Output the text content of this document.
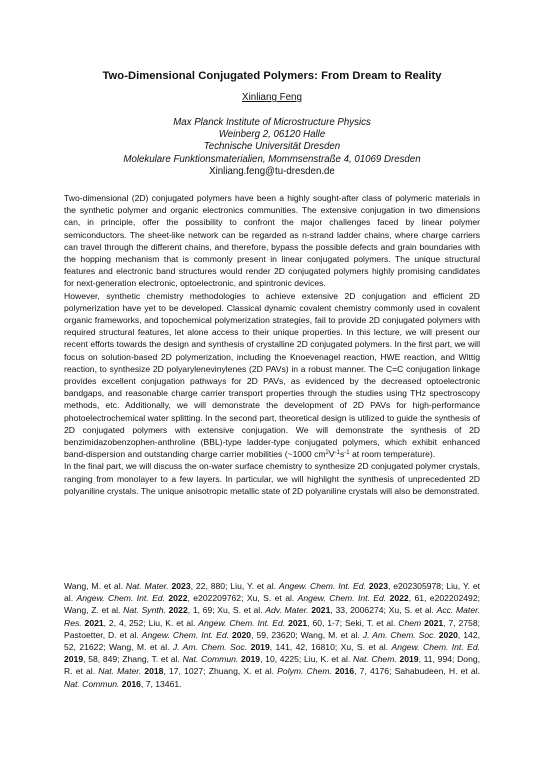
Two-Dimensional Conjugated Polymers: From Dream to Reality
Xinliang Feng
Max Planck Institute of Microstructure Physics
Weinberg 2, 06120 Halle
Technische Universität Dresden
Molekulare Funktionsmaterialien, Mommsenstraße 4, 01069 Dresden
Xinliang.feng@tu-dresden.de

Two-dimensional (2D) conjugated polymers have been a highly sought-after class of polymeric materials in the synthetic polymer and organic electronics communities. The extensive conjugation in two dimensions can, in principle, offer the possibility to confront the major challenges faced by linear polymer semiconductors. The sheet-like network can be regarded as n-strand ladder chains, where charge carriers can travel through the different chains, and therefore, bypass the possible defects and grain boundaries with the hopping mechanism that is commonly present in linear conjugated polymers. The unique structural features and electronic band structures would render 2D conjugated polymers highly promising candidates for next-generation electronic, optoelectronic, and spintronic devices.

However, synthetic chemistry methodologies to achieve extensive 2D conjugation and efficient 2D polymerization have yet to be developed. Classical dynamic covalent chemistry commonly used in covalent organic frameworks, and topochemical polymerization strategies, fail to provide 2D conjugated polymers with required structural features, let alone access to their unique properties. In this lecture, we will present our recent efforts towards the design and synthesis of crystalline 2D conjugated polymers. In the first part, we will focus on solution-based 2D polymerization, including the Knoevenagel reaction, HWE reaction, and Wittig reaction, to synthesize 2D polyarylenevinylenes (2D PAVs) in a robust manner. The C=C conjugation linkage provides excellent conjugation pathways for 2D PAVs, as evidenced by the decreased optoelectronic bandgaps, and reasonable charge carrier transport properties through the studies using THz spectroscopy methods, etc. Additionally, we will demonstrate the development of 2D PAVs for high-performance photoelectrochemical water splitting. In the second part, theoretical design is utilized to guide the synthesis of 2D conjugated polymers with extensive conjugation. We will demonstrate the synthesis of 2D benzimidazobenzophen-anthroline (BBL)-type ladder-type conjugated polymers, which exhibit enhanced band-dispersion and outstanding charge carrier mobilities (~1000 $cm^2V^{-1}s^{-1}$ at room temperature).

In the final part, we will discuss the on-water surface chemistry to synthesize 2D conjugated polymer crystals, ranging from monolayer to a few layers. In particular, we will highlight the synthesis of unprecedented 2D polyaniline crystals. The unique anisotropic metallic state of 2D polyaniline crystals will also be demonstrated.

Wang, M. et al. Nat. Mater. 2023, 22, 880; Liu, Y. et al. Angew. Chem. Int. Ed. 2023, e202305978; Liu, Y. et al. Angew. Chem. Int. Ed. 2022, e202209762; Xu, S. et al. Angew. Chem. Int. Ed. 2022, 61, e202202492; Wang, Z. et al. Nat. Synth. 2022, 1, 69; Xu, S. et al. Adv. Mater. 2021, 33, 2006274; Xu, S. et al. Acc. Mater. Res. 2021, 2, 4, 252; Liu, K. et al. Angew. Chem. Int. Ed. 2021, 60, 1-7; Seki, T. et al. Chem 2021, 7, 2758; Pastoetter, D. et al. Angew. Chem. Int. Ed. 2020, 59, 23620; Wang, M. et al. J. Am. Chem. Soc. 2020, 142, 52, 21622; Wang, M. et al. J. Am. Chem. Soc. 2019, 141, 42, 16810; Xu, S. et al. Angew. Chem. Int. Ed. 2019, 58, 849; Zhang, T. et al. Nat. Commun. 2019, 10, 4225; Liu, K. et al. Nat. Chem. 2019, 11, 994; Dong, R. et al. Nat. Mater. 2018, 17, 1027; Zhuang, X. et al. Polym. Chem. 2016, 7, 4176; Sahabudeen, H. et al. Nat. Commun. 2016, 7, 13461.
